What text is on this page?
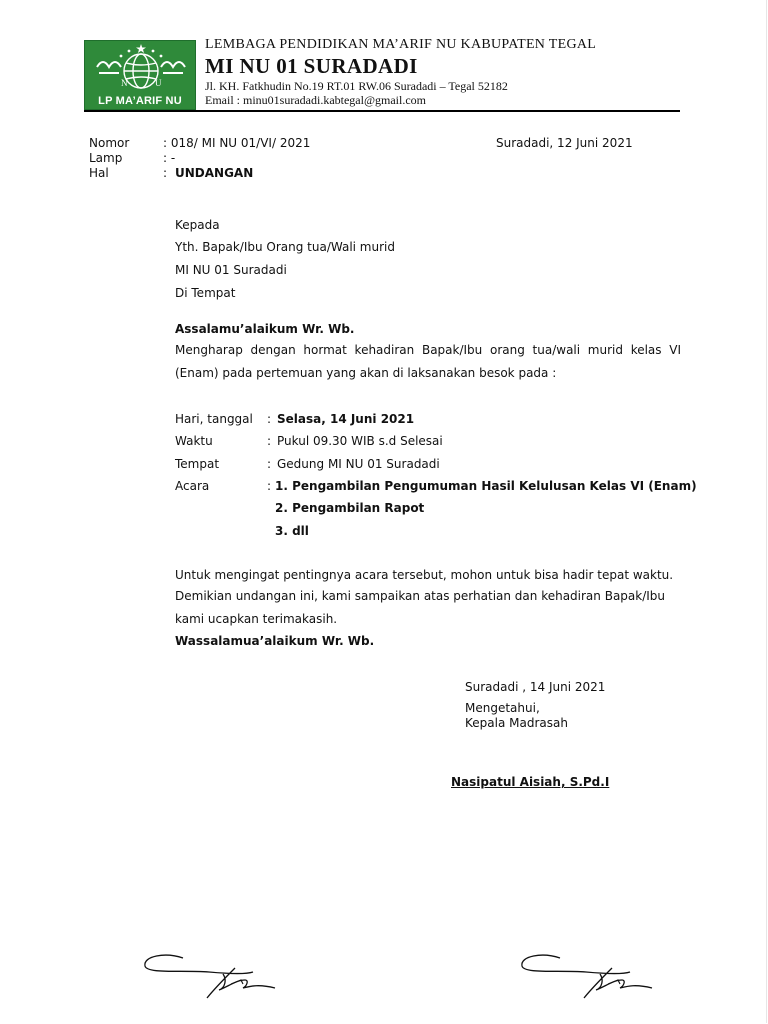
N	U
LP MA’ARIF NU
LEMBAGA PENDIDIKAN MA’ARIF NU KABUPATEN TEGAL
MI NU 01 SURADADI
Jl. KH. Fatkhudin No.19 RT.01 RW.06 Suradadi – Tegal 52182
Email : minu01suradadi.kabtegal@gmail.com
Nomor	: 018/ MI NU 01/VI/ 2021	Suradadi, 12 Juni 2021
Lamp	: -
Hal	: UNDANGAN
Kepada
Yth. Bapak/Ibu Orang tua/Wali murid
MI NU 01 Suradadi
Di Tempat
Assalamu’alaikum Wr. Wb.
Mengharap dengan hormat kehadiran Bapak/Ibu orang tua/wali murid kelas VI (Enam) pada pertemuan yang akan di laksanakan besok pada :
Hari, tanggal : Selasa, 14 Juni 2021
Waktu	: Pukul 09.30 WIB s.d Selesai
Tempat	: Gedung MI NU 01 Suradadi
Acara	: 1. Pengambilan Pengumuman Hasil Kelulusan Kelas VI (Enam)
2. Pengambilan Rapot
3. dll
Untuk mengingat pentingnya acara tersebut, mohon untuk bisa hadir tepat waktu.
Demikian undangan ini, kami sampaikan atas perhatian dan kehadiran Bapak/Ibu kami ucapkan terimakasih.
Wassalamua’alaikum Wr. Wb.
Suradadi , 14 Juni 2021
Mengetahui,
Kepala Madrasah
Nasipatul Aisiah, S.Pd.I
